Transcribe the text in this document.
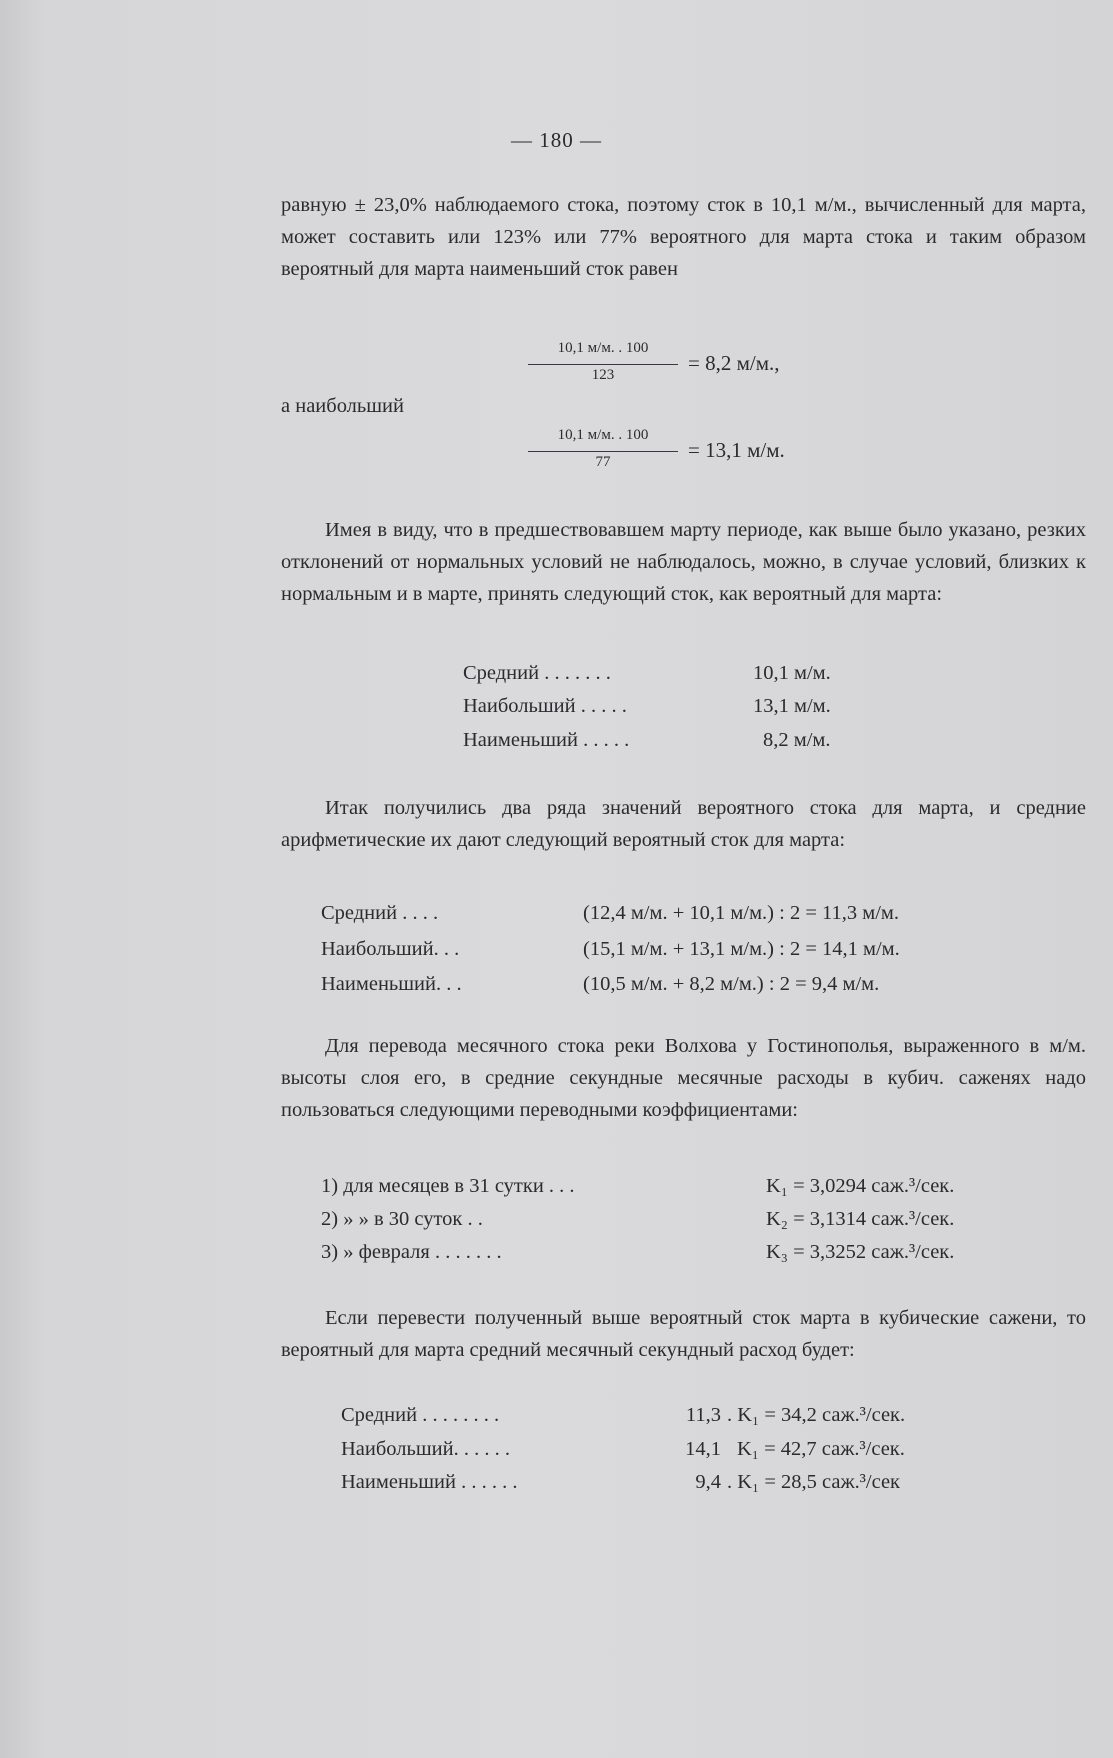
— 180 —
равную ± 23,0% наблюдаемого стока, поэтому сток в 10,1 м/м., вычисленный для марта, может составить или 123% или 77% вероятного для марта стока и таким образом вероятный для марта наименьший сток равен
10,1 м/м. . 100
123	= 8,2 м/м.,
а наибольший
10,1 м/м. . 100
77	= 13,1 м/м.
Имея в виду, что в предшествовавшем марту периоде, как выше было указано, резких отклонений от нормальных условий не наблюдалось, можно, в случае условий, близких к нормальным и в марте, принять следующий сток, как вероятный для марта:
Средний . . . . . . .	10,1 м/м.
Наибольший . . . . .	13,1 м/м.
Наименьший . . . . .	8,2 м/м.
Итак получились два ряда значений вероятного стока для марта, и средние арифметические их дают следующий вероятный сток для марта:
Средний . . . .	(12,4 м/м. + 10,1 м/м.) : 2 = 11,3 м/м.
Наибольший. . .	(15,1 м/м. + 13,1 м/м.) : 2 = 14,1 м/м.
Наименьший. . .	(10,5 м/м. + 8,2 м/м.) : 2 = 9,4 м/м.
Для перевода месячного стока реки Волхова у Гостинополья, выраженного в м/м. высоты слоя его, в средние секундные месячные расходы в кубич. саженях надо пользоваться следующими переводными коэффициентами:
1) для месяцев в 31 сутки . . .	K₁ = 3,0294 саж.³/сек.
2) » » в 30 суток . .	K₂ = 3,1314 саж.³/сек.
3) » февраля . . . . . . .	K₃ = 3,3252 саж.³/сек.
Если перевести полученный выше вероятный сток марта в кубические сажени, то вероятный для марта средний месячный секундный расход будет:
Средний . . . . . . . .	11,3 . K₁ = 34,2 саж.³/сек.
Наибольший. . . . . .	14,1 K₁ = 42,7 саж.³/сек.
Наименьший . . . . . .	9,4 . K₁ = 28,5 саж.³/сек
